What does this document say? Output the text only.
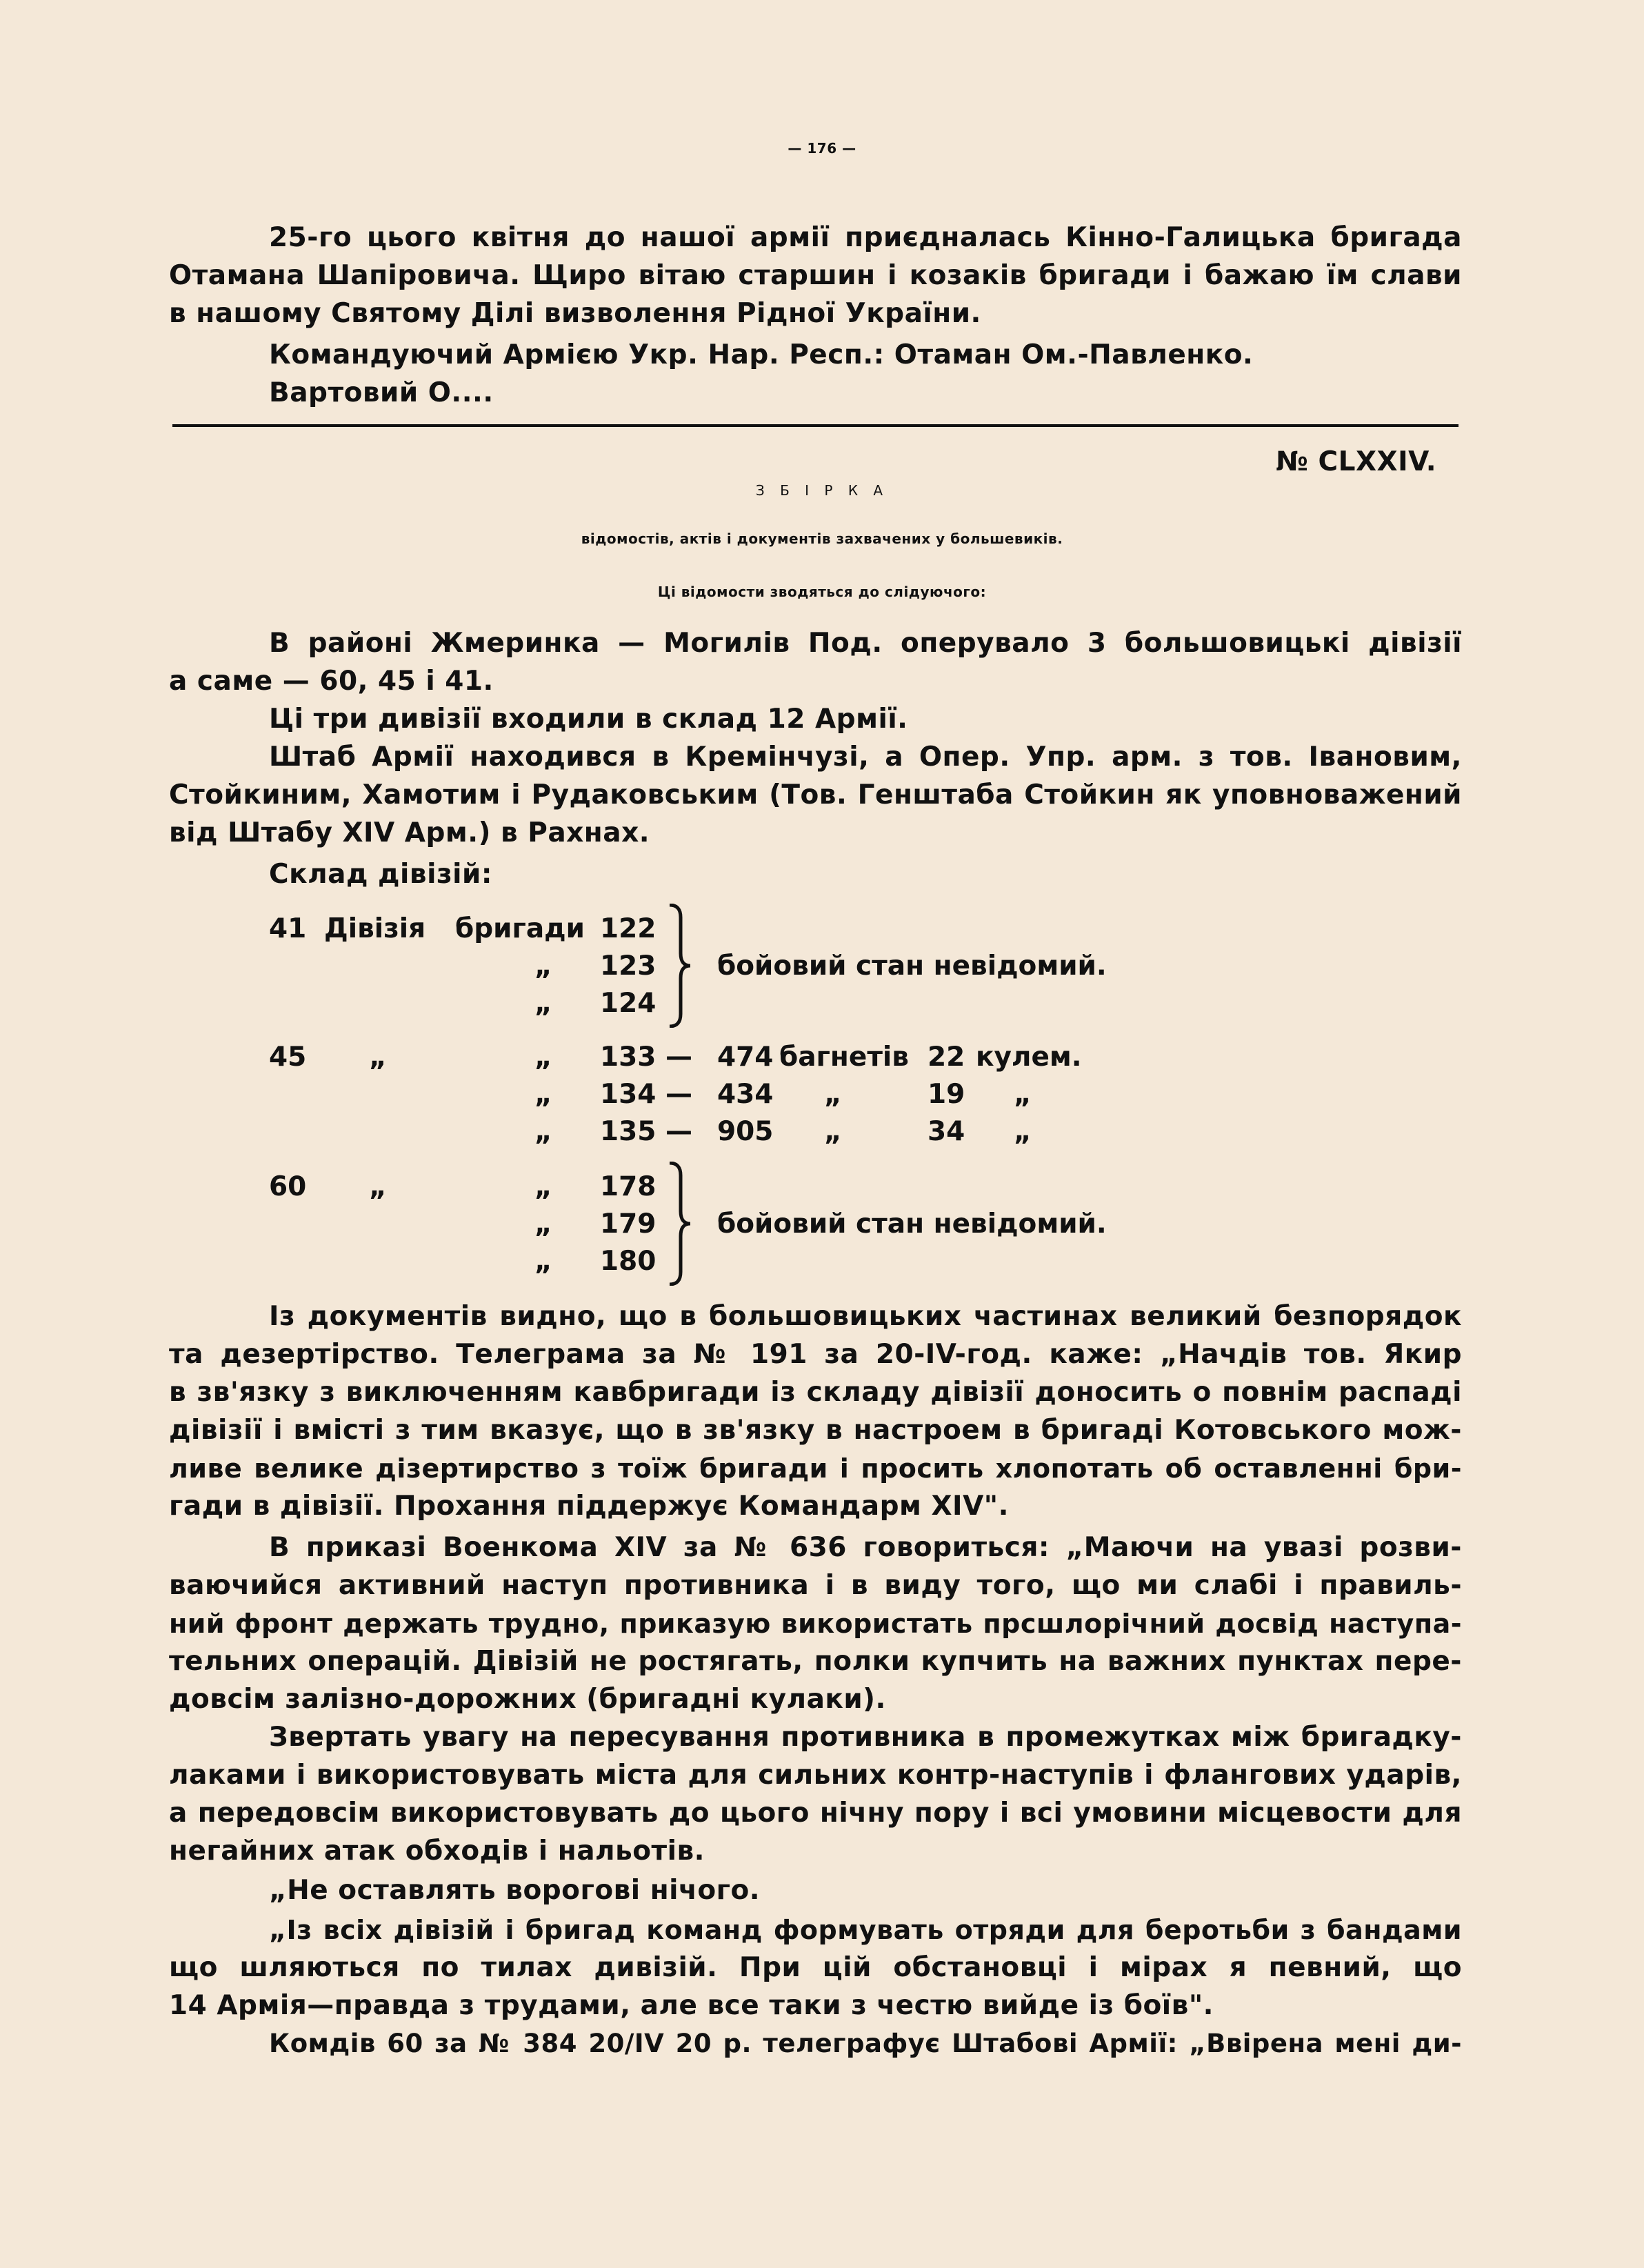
— 176 —
25-го цього квітня до нашої армії приєдналась Кінно-Галицька бригада
Отамана Шапіровича. Щиро вітаю старшин і козаків бригади і бажаю їм слави
в нашому Святому Ділі визволення Рідної України.
Командуючий Армією Укр. Нар. Респ.: Отаман Ом.-Павленко.
Вартовий О....
№ CLXXIV.
З Б І Р К А
відомостів, актів і документів захвачених у большевиків.
Ці відомости зводяться до слідуючого:
В районі Жмеринка — Могилів Под. оперувало 3 большовицькі дівізії
а саме — 60, 45 і 41.
Ці три дивізії входили в склад 12 Армії.
Штаб Армії находився в Кремінчузі, а Опер. Упр. арм. з тов. Івановим,
Стойкиним, Хамотим і Рудаковським (Тов. Генштаба Стойкин як уповноважений
від Штабу XIV Арм.) в Рахнах.
Склад дівізій:
41 Дівізія бригади 122
„ 123
„ 124
бойовий стан невідомий.
45 „	„ 133 — 474 багнетів 22 кулем.
„ 134 — 434 „	19 „
„ 135 — 905 „	34 „
60 „	„ 178
„ 179
„ 180
бойовий стан невідомий.
Із документів видно, що в большовицьких частинах великий безпорядок
та дезертірство. Телеграма за № 191 за 20-IV-год. каже: „Начдів тов. Якир
в зв'язку з виключенням кавбригади із складу дівізії доносить о повнім распаді
дівізії і вмісті з тим вказує, що в зв'язку в настроем в бригаді Котовського мож-
ливе велике дізертирство з тоїж бригади і просить хлопотать об оставленні бри-
гади в дівізії. Прохання піддержує Командарм XIV".
В приказі Военкома XIV за № 636 говориться: „Маючи на увазі розви-
ваючийся активний наступ противника і в виду того, що ми слабі і правиль-
ний фронт держать трудно, приказую використать прсшлорічний досвід наступа-
тельних операцій. Дівізій не ростягать, полки купчить на важних пунктах пере-
довсім залізно-дорожних (бригадні кулаки).
Звертать увагу на пересування противника в промежутках між бригадку-
лаками і використовувать міста для сильних контр-наступів і флангових ударів,
а передовсім використовувать до цього нічну пору і всі умовини місцевости для
негайних атак обходів і нальотів.
„Не оставлять ворогові нічого.
„Із всіх дівізій і бригад команд формувать отряди для беротьби з бандами
що шляються по тилах дивізій. При цій обстановці і мірах я певний, що
14 Армія—правда з трудами, але все таки з честю вийде із боїв".
Комдів 60 за № 384 20/IV 20 р. телеграфує Штабові Армії: „Ввірена мені ди-
